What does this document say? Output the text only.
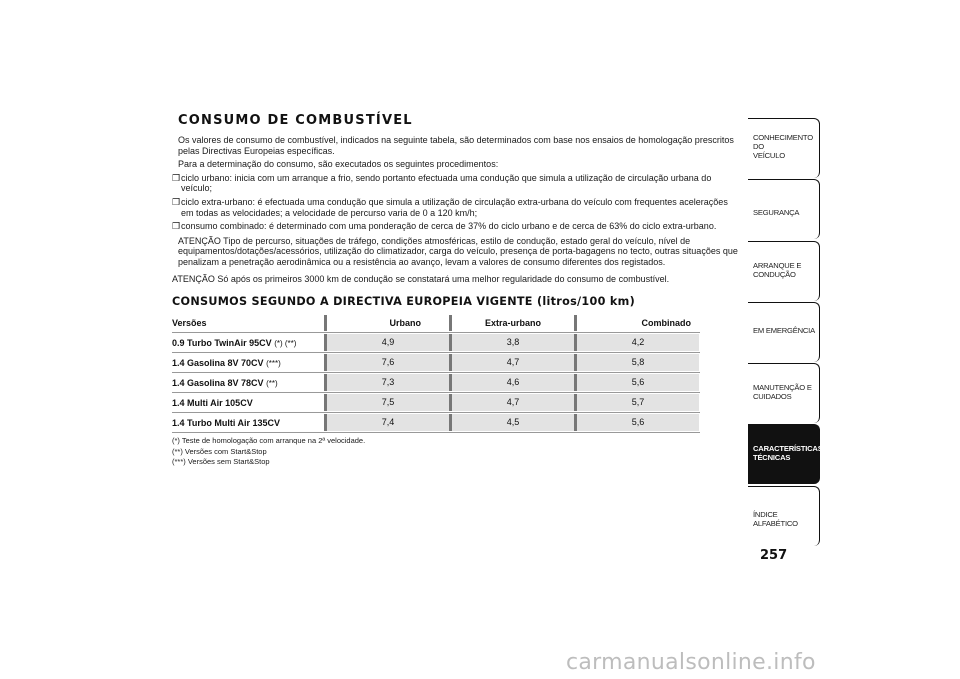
CONSUMO DE COMBUSTÍVEL

Os valores de consumo de combustível, indicados na seguinte tabela, são determinados com base nos ensaios de homologação prescritos pelas Directivas Europeias específicas.

Para a determinação do consumo, são executados os seguintes procedimentos:

❒ ciclo urbano: inicia com um arranque a frio, sendo portanto efectuada uma condução que simula a utilização de circulação urbana do veículo;
❒ ciclo extra-urbano: é efectuada uma condução que simula a utilização de circulação extra-urbana do veículo com frequentes acelerações em todas as velocidades; a velocidade de percurso varia de 0 a 120 km/h;
❒ consumo combinado: é determinado com uma ponderação de cerca de 37% do ciclo urbano e de cerca de 63% do ciclo extra-urbano.

ATENÇÃO Tipo de percurso, situações de tráfego, condições atmosféricas, estilo de condução, estado geral do veículo, nível de equipamentos/dotações/acessórios, utilização do climatizador, carga do veículo, presença de porta-bagagens no tecto, outras situações que penalizam a penetração aerodinâmica ou a resistência ao avanço, levam a valores de consumo diferentes dos registados.

ATENÇÃO Só após os primeiros 3000 km de condução se constatará uma melhor regularidade do consumo de combustível.

CONSUMOS SEGUNDO A DIRECTIVA EUROPEIA VIGENTE (litros/100 km)
Versões	Urbano	Extra-urbano	Combinado
0.9 Turbo TwinAir 95CV (*) (**)	4,9	3,8	4,2
1.4 Gasolina 8V 70CV (***)	7,6	4,7	5,8
1.4 Gasolina 8V 78CV (**)	7,3	4,6	5,6
1.4 Multi Air 105CV	7,5	4,7	5,7
1.4 Turbo Multi Air 135CV	7,4	4,5	5,6
(*) Teste de homologação com arranque na 2ª velocidade.
(**) Versões com Start&Stop
(***) Versões sem Start&Stop
CONHECIMENTO DO
VEÍCULO
SEGURANÇA
ARRANQUE E
CONDUÇÃO
EM EMERGÊNCIA
MANUTENÇÃO E
CUIDADOS
CARACTERÍSTICAS
TÉCNICAS
ÍNDICE ALFABÉTICO
257
carmanualsonline.info
